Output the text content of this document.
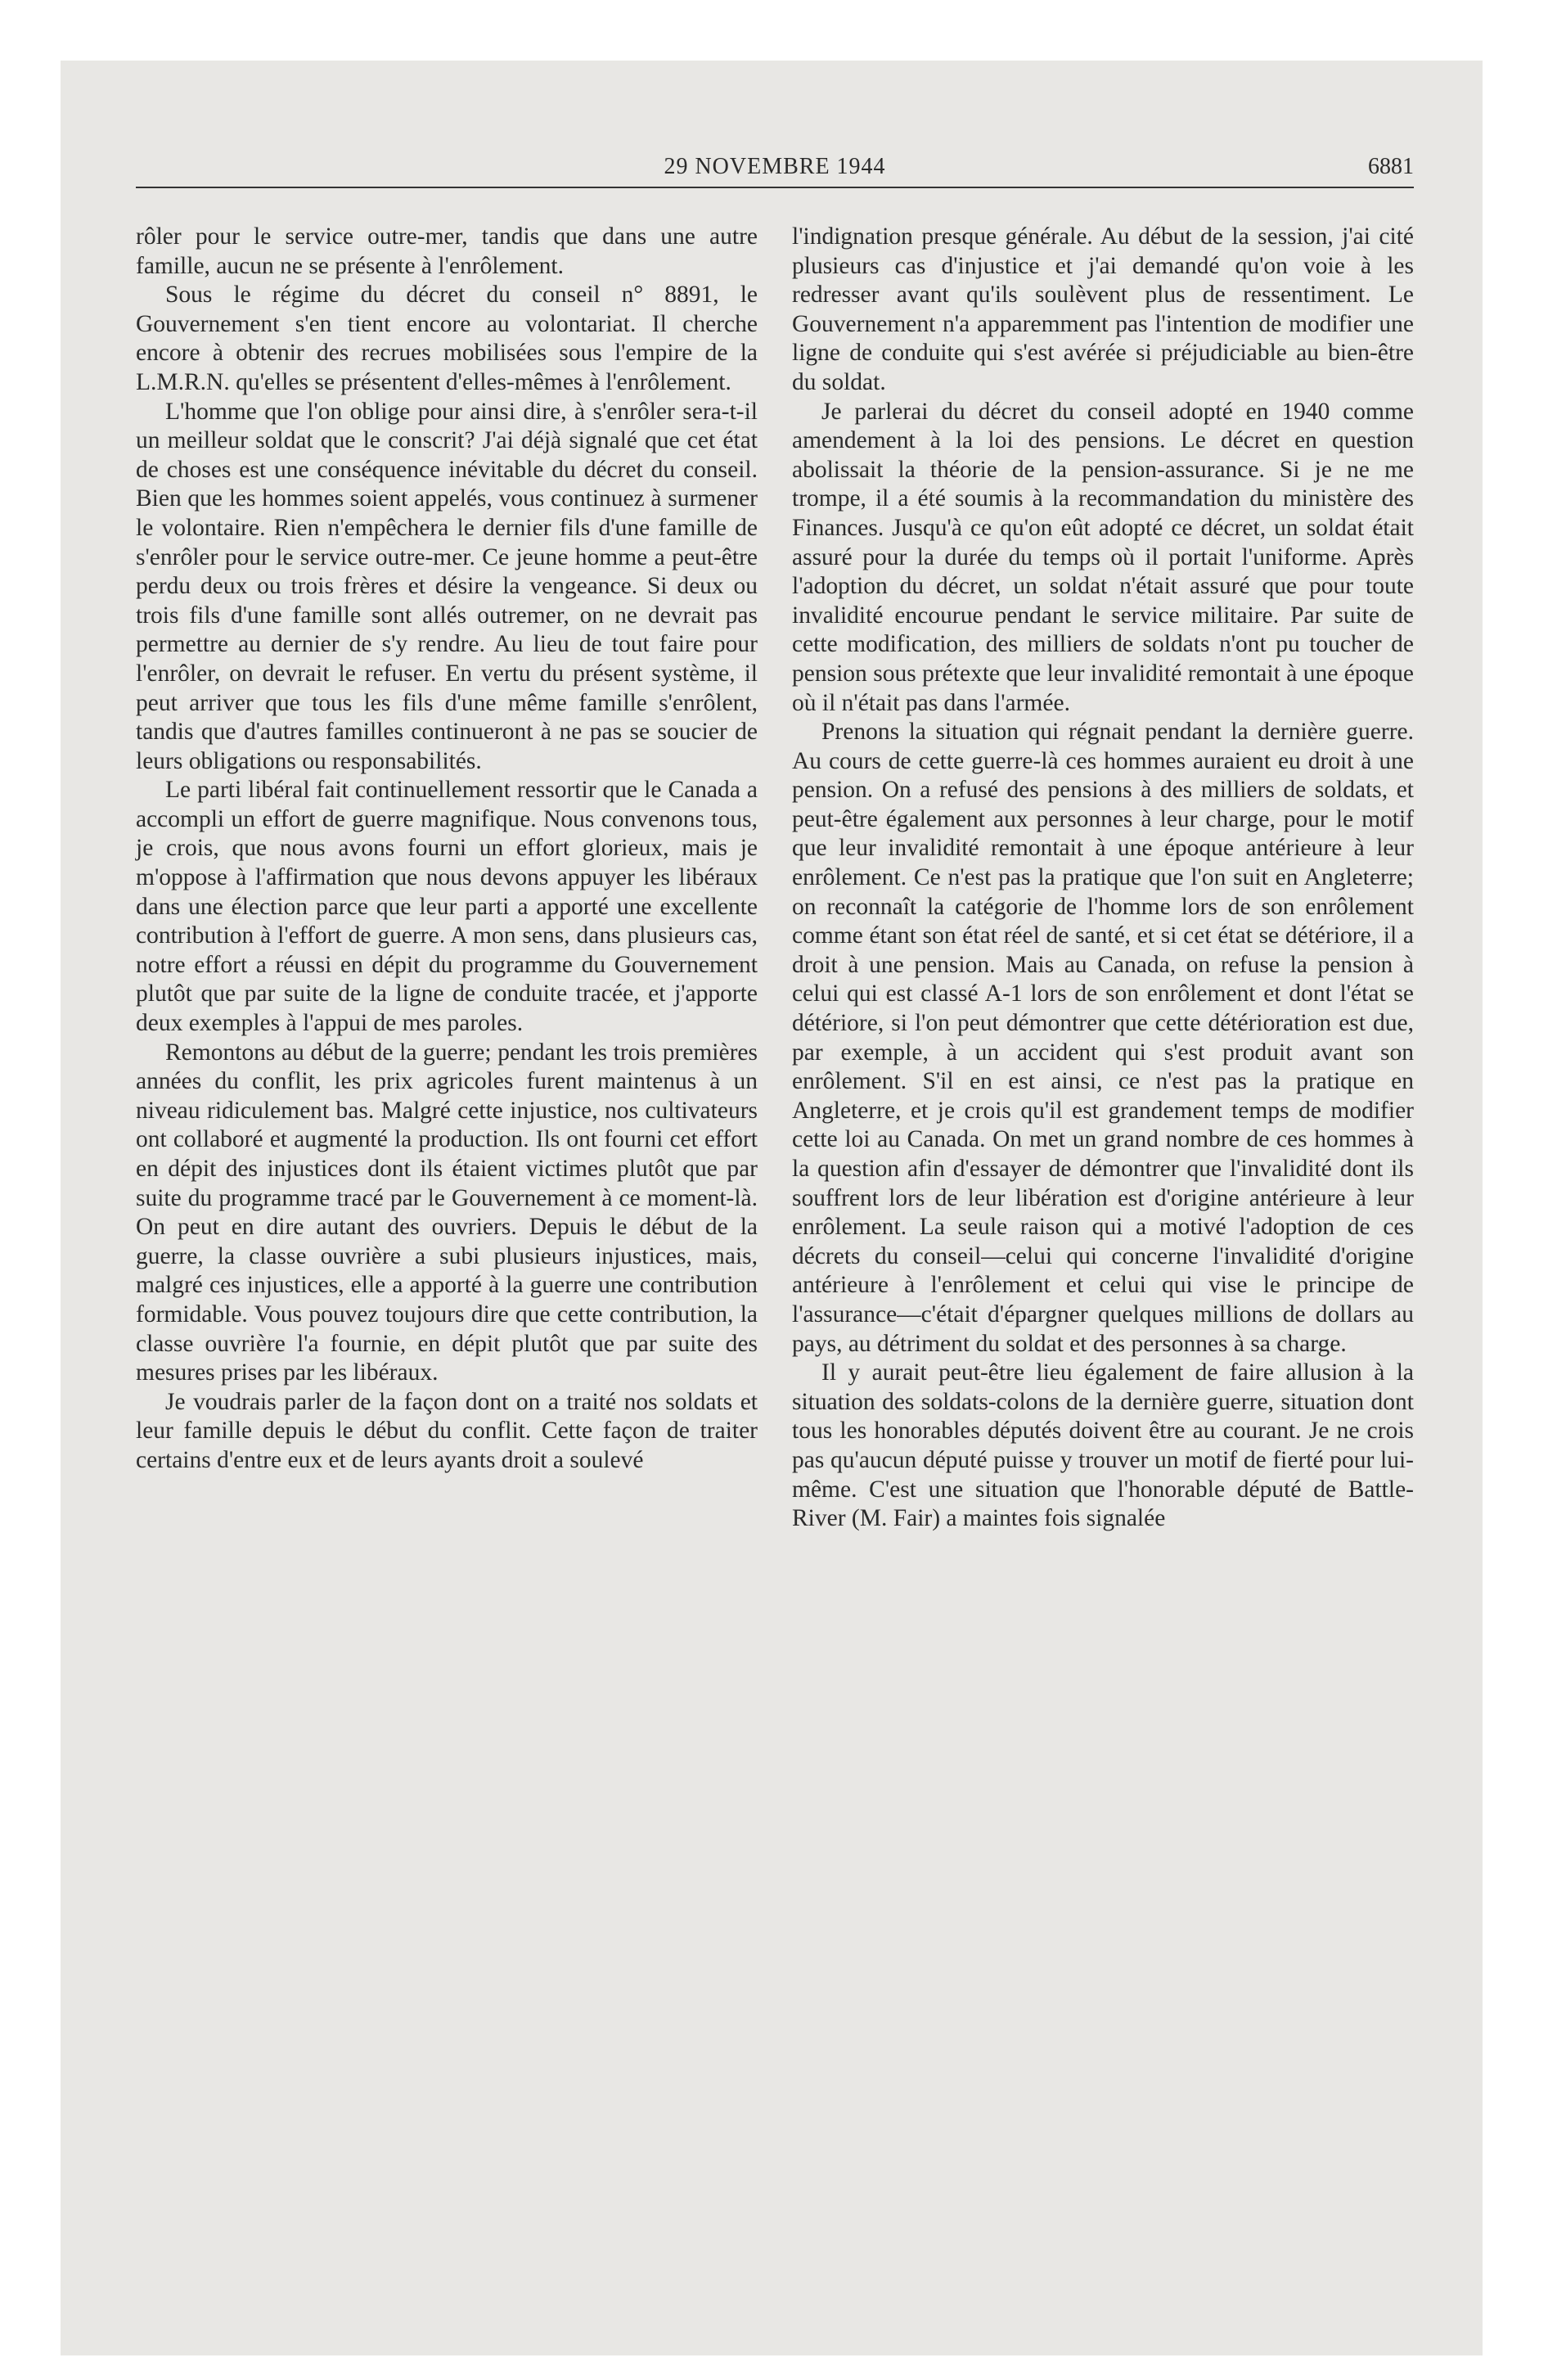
29 NOVEMBRE 1944	6881

rôler pour le service outre-mer, tandis que dans une autre famille, aucun ne se présente à l'enrôlement.

Sous le régime du décret du conseil n° 8891, le Gouvernement s'en tient encore au volontariat. Il cherche encore à obtenir des recrues mobilisées sous l'empire de la L.M.R.N. qu'elles se présentent d'elles-mêmes à l'enrôlement.

L'homme que l'on oblige pour ainsi dire, à s'enrôler sera-t-il un meilleur soldat que le conscrit? J'ai déjà signalé que cet état de choses est une conséquence inévitable du décret du conseil. Bien que les hommes soient appelés, vous continuez à surmener le volontaire. Rien n'empêchera le dernier fils d'une famille de s'enrôler pour le service outre-mer. Ce jeune homme a peut-être perdu deux ou trois frères et désire la vengeance. Si deux ou trois fils d'une famille sont allés outremer, on ne devrait pas permettre au dernier de s'y rendre. Au lieu de tout faire pour l'enrôler, on devrait le refuser. En vertu du présent système, il peut arriver que tous les fils d'une même famille s'enrôlent, tandis que d'autres familles continueront à ne pas se soucier de leurs obligations ou responsabilités.

Le parti libéral fait continuellement ressortir que le Canada a accompli un effort de guerre magnifique. Nous convenons tous, je crois, que nous avons fourni un effort glorieux, mais je m'oppose à l'affirmation que nous devons appuyer les libéraux dans une élection parce que leur parti a apporté une excellente contribution à l'effort de guerre. A mon sens, dans plusieurs cas, notre effort a réussi en dépit du programme du Gouvernement plutôt que par suite de la ligne de conduite tracée, et j'apporte deux exemples à l'appui de mes paroles.

Remontons au début de la guerre; pendant les trois premières années du conflit, les prix agricoles furent maintenus à un niveau ridiculement bas. Malgré cette injustice, nos cultivateurs ont collaboré et augmenté la production. Ils ont fourni cet effort en dépit des injustices dont ils étaient victimes plutôt que par suite du programme tracé par le Gouvernement à ce moment-là. On peut en dire autant des ouvriers. Depuis le début de la guerre, la classe ouvrière a subi plusieurs injustices, mais, malgré ces injustices, elle a apporté à la guerre une contribution formidable. Vous pouvez toujours dire que cette contribution, la classe ouvrière l'a fournie, en dépit plutôt que par suite des mesures prises par les libéraux.

Je voudrais parler de la façon dont on a traité nos soldats et leur famille depuis le début du conflit. Cette façon de traiter certains d'entre eux et de leurs ayants droit a soulevé

l'indignation presque générale. Au début de la session, j'ai cité plusieurs cas d'injustice et j'ai demandé qu'on voie à les redresser avant qu'ils soulèvent plus de ressentiment. Le Gouvernement n'a apparemment pas l'intention de modifier une ligne de conduite qui s'est avérée si préjudiciable au bien-être du soldat.

Je parlerai du décret du conseil adopté en 1940 comme amendement à la loi des pensions. Le décret en question abolissait la théorie de la pension-assurance. Si je ne me trompe, il a été soumis à la recommandation du ministère des Finances. Jusqu'à ce qu'on eût adopté ce décret, un soldat était assuré pour la durée du temps où il portait l'uniforme. Après l'adoption du décret, un soldat n'était assuré que pour toute invalidité encourue pendant le service militaire. Par suite de cette modification, des milliers de soldats n'ont pu toucher de pension sous prétexte que leur invalidité remontait à une époque où il n'était pas dans l'armée.

Prenons la situation qui régnait pendant la dernière guerre. Au cours de cette guerre-là ces hommes auraient eu droit à une pension. On a refusé des pensions à des milliers de soldats, et peut-être également aux personnes à leur charge, pour le motif que leur invalidité remontait à une époque antérieure à leur enrôlement. Ce n'est pas la pratique que l'on suit en Angleterre; on reconnaît la catégorie de l'homme lors de son enrôlement comme étant son état réel de santé, et si cet état se détériore, il a droit à une pension. Mais au Canada, on refuse la pension à celui qui est classé A-1 lors de son enrôlement et dont l'état se détériore, si l'on peut démontrer que cette détérioration est due, par exemple, à un accident qui s'est produit avant son enrôlement. S'il en est ainsi, ce n'est pas la pratique en Angleterre, et je crois qu'il est grandement temps de modifier cette loi au Canada. On met un grand nombre de ces hommes à la question afin d'essayer de démontrer que l'invalidité dont ils souffrent lors de leur libération est d'origine antérieure à leur enrôlement. La seule raison qui a motivé l'adoption de ces décrets du conseil—celui qui concerne l'invalidité d'origine antérieure à l'enrôlement et celui qui vise le principe de l'assurance—c'était d'épargner quelques millions de dollars au pays, au détriment du soldat et des personnes à sa charge.

Il y aurait peut-être lieu également de faire allusion à la situation des soldats-colons de la dernière guerre, situation dont tous les honorables députés doivent être au courant. Je ne crois pas qu'aucun député puisse y trouver un motif de fierté pour lui-même. C'est une situation que l'honorable député de Battle-River (M. Fair) a maintes fois signalée
